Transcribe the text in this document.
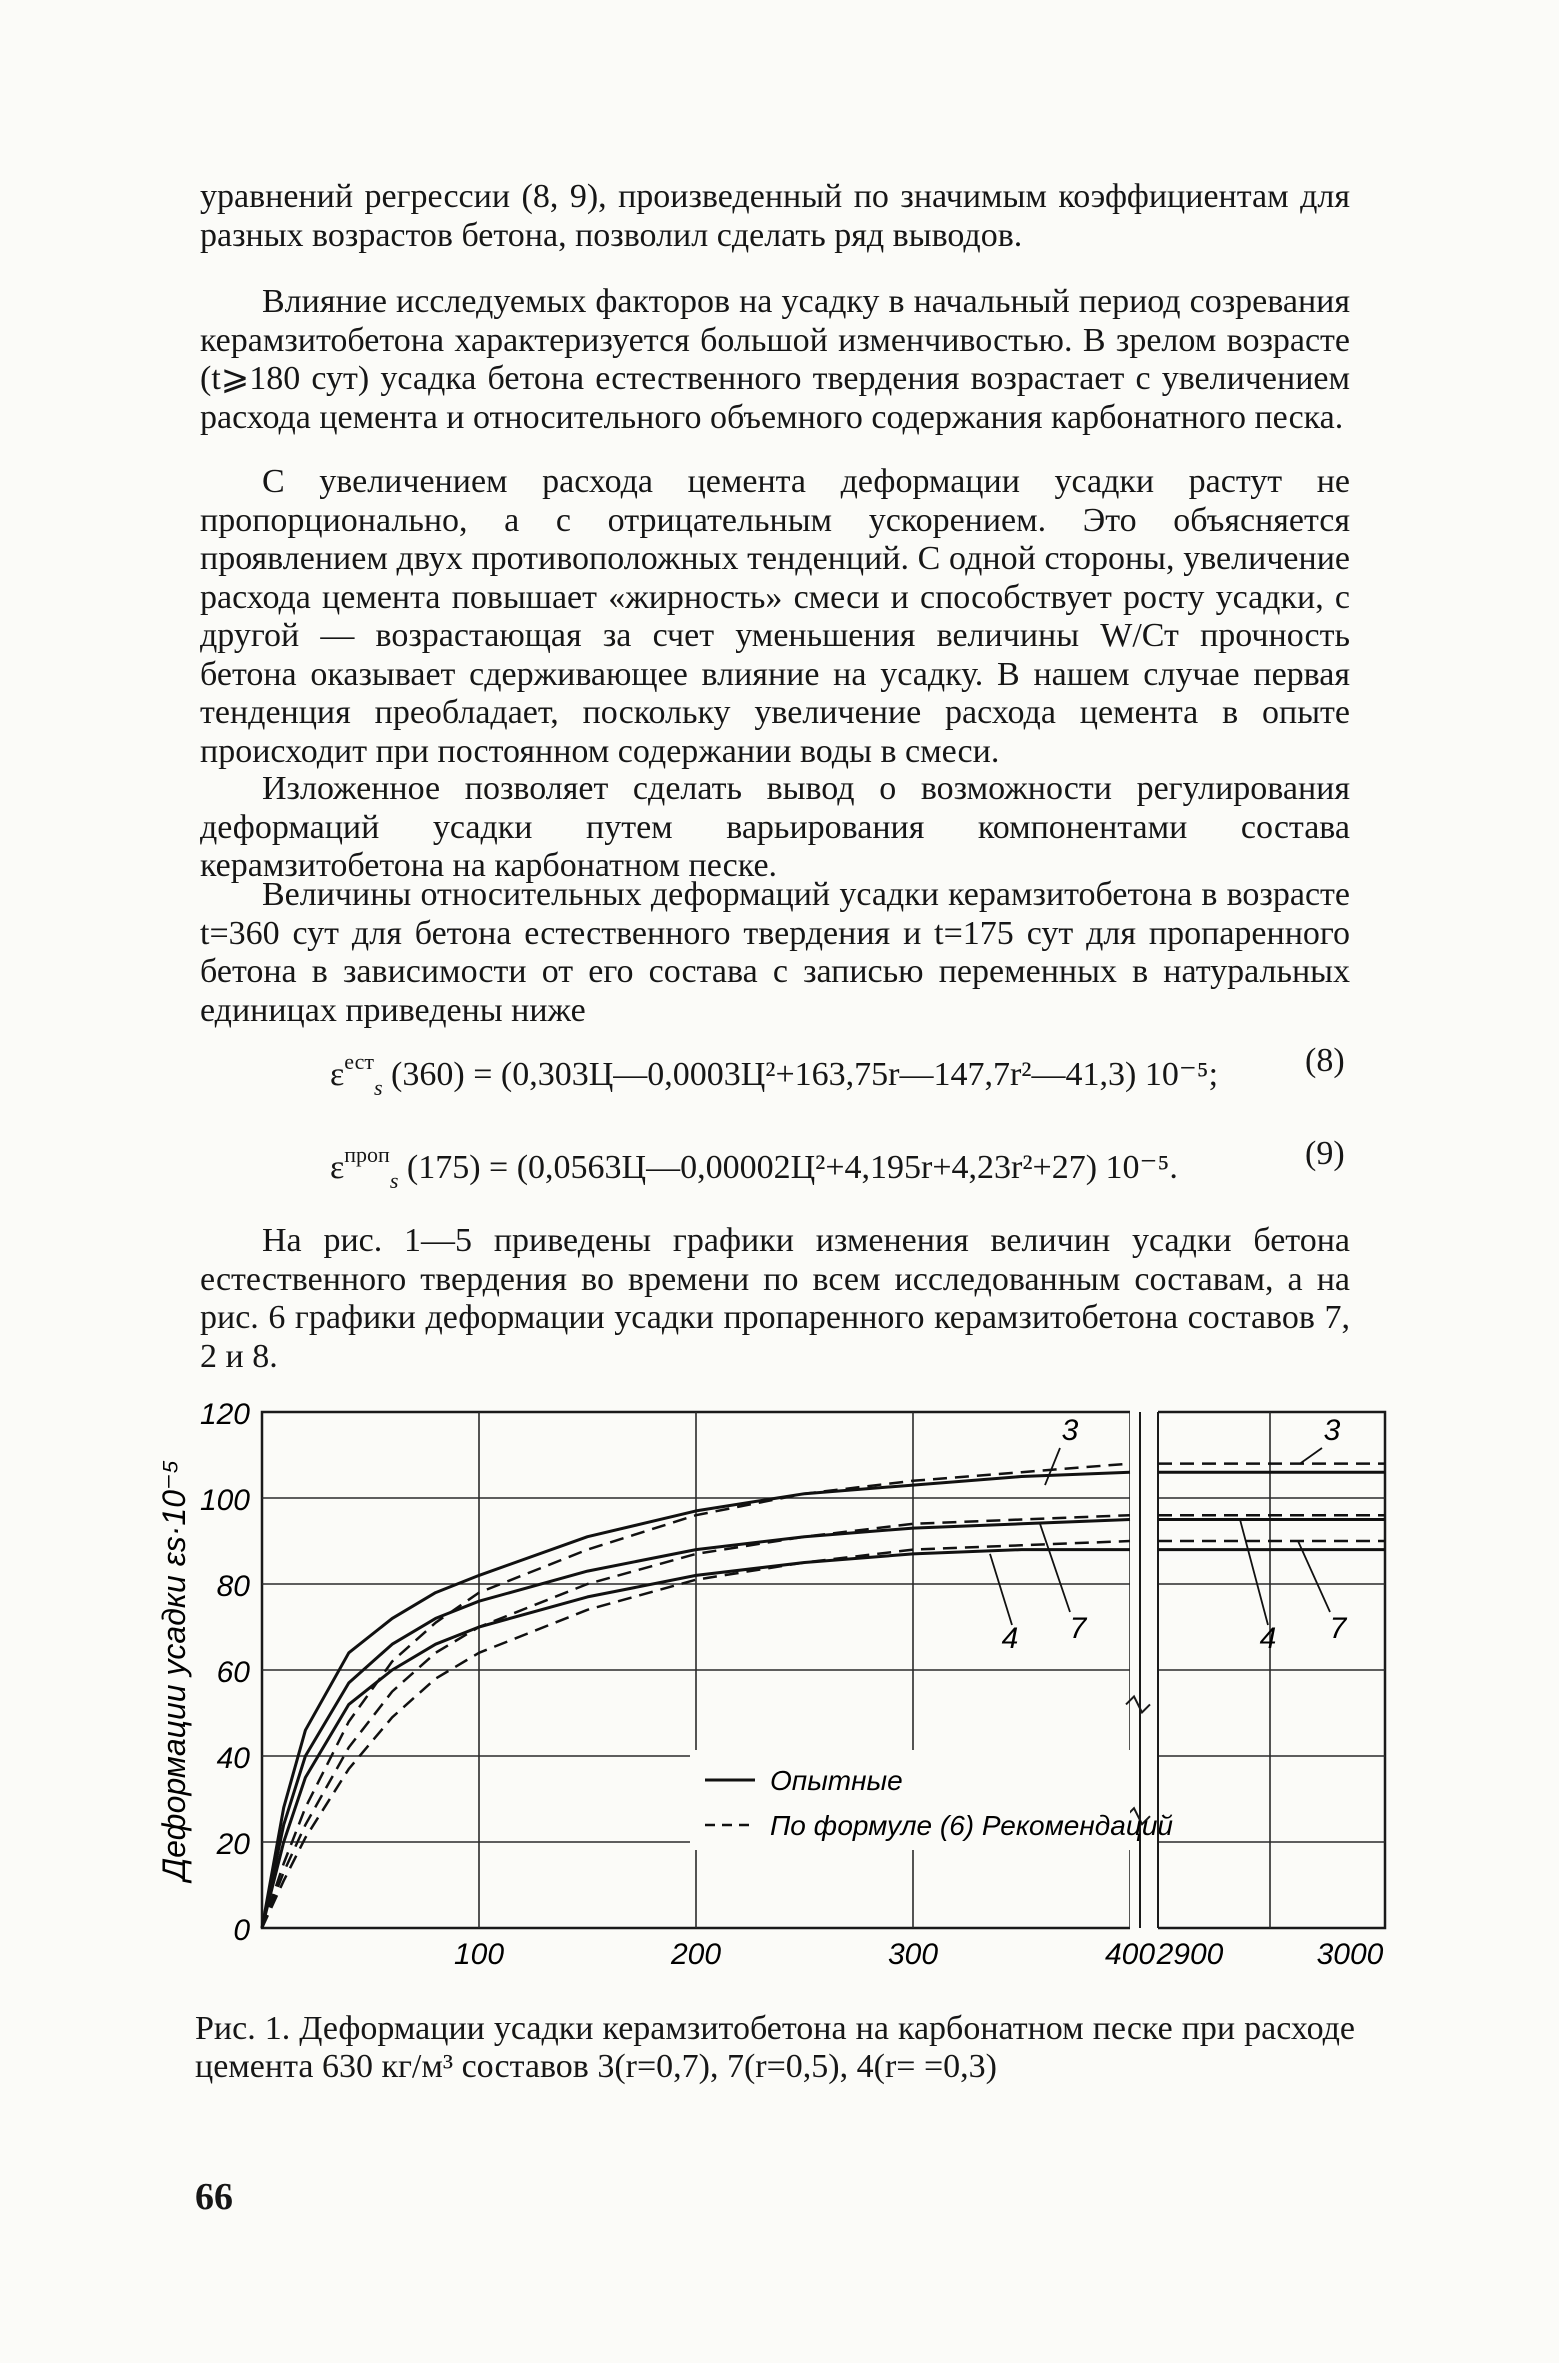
уравнений регрессии (8, 9), произведенный по значимым коэффициентам для разных возрастов бетона, позволил сделать ряд выводов.

Влияние исследуемых факторов на усадку в начальный период созревания керамзитобетона характеризуется большой изменчивостью. В зрелом возрасте (t⩾180 сут) усадка бетона естественного твердения возрастает с увеличением расхода цемента и относительного объемного содержания карбонатного песка.

С увеличением расхода цемента деформации усадки растут не пропорционально, а с отрицательным ускорением. Это объясняется проявлением двух противоположных тенденций. С одной стороны, увеличение расхода цемента повышает «жирность» смеси и способствует росту усадки, с другой — возрастающая за счет уменьшения величины W/Ст прочность бетона оказывает сдерживающее влияние на усадку. В нашем случае первая тенденция преобладает, поскольку увеличение расхода цемента в опыте происходит при постоянном содержании воды в смеси.

Изложенное позволяет сделать вывод о возможности регулирования деформаций усадки путем варьирования компонентами состава керамзитобетона на карбонатном песке.

Величины относительных деформаций усадки керамзитобетона в возрасте t=360 сут для бетона естественного твердения и t=175 сут для пропаренного бетона в зависимости от его состава с записью переменных в натуральных единицах приведены ниже

$\varepsilon^{ест}_s$ (360) = (0,303Ц—0,0003Ц²+163,75r—147,7r²—41,3) 10⁻⁵;	(8)
$\varepsilon^{проп}_s$ (175) = (0,0563Ц—0,00002Ц²+4,195r+4,23r²+27) 10⁻⁵.	(9)

На рис. 1—5 приведены графики изменения величин усадки бетона естественного твердения во времени по всем исследованным составам, а на рис. 6 графики деформации усадки пропаренного керамзитобетона составов 7, 2 и 8.

0
20
40
60
80
100
120
100	200	300	400 2900	3000
Деформации усадки εs·10⁻⁵
3
4 7
3
4 7
Опытные
По формуле (6) Рекомендаций

Рис. 1. Деформации усадки керамзитобетона на карбонатном песке при расходе цемента 630 кг/м³ составов 3(r=0,7), 7(r=0,5), 4(r= =0,3)

66
